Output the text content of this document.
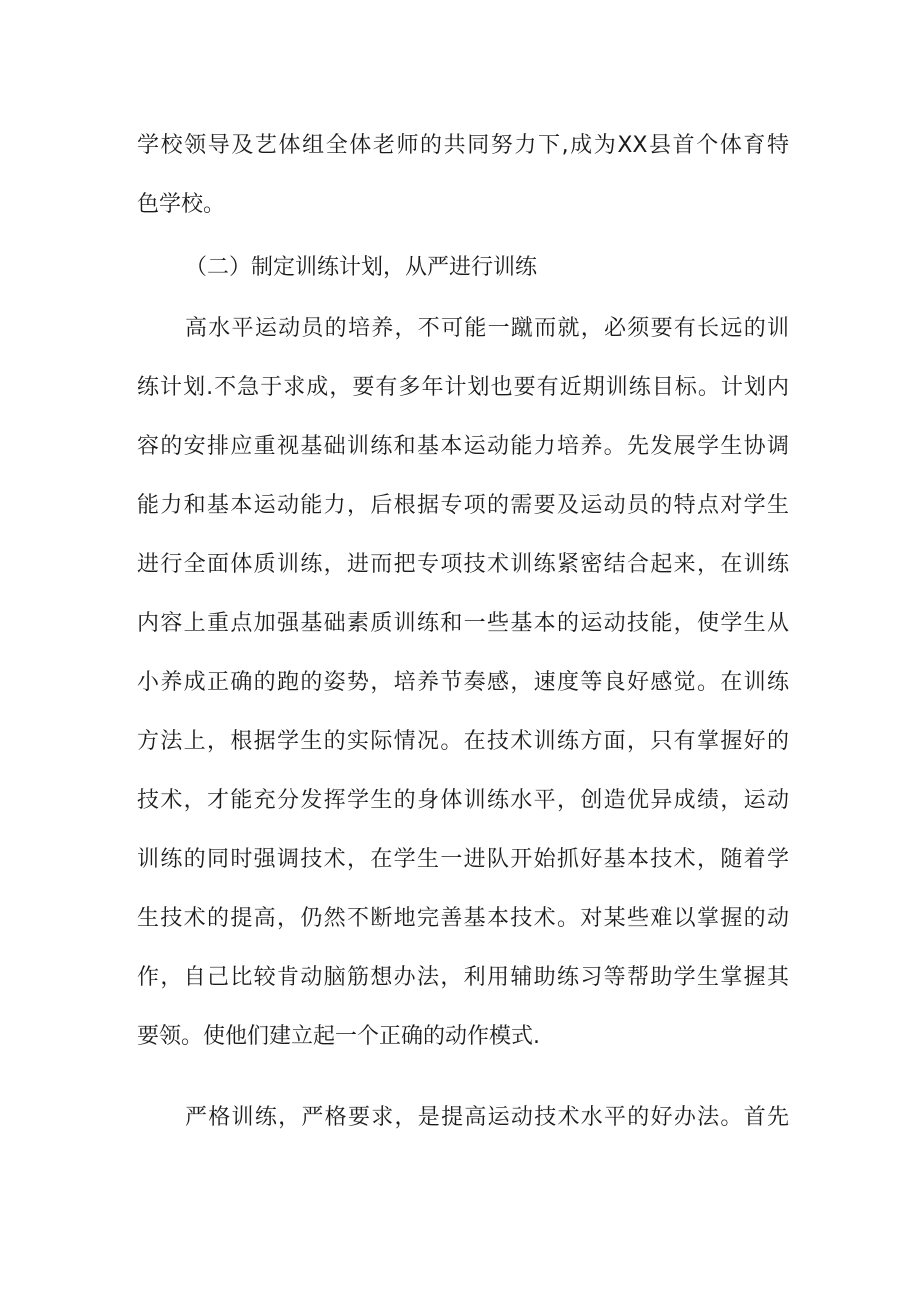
学校领导及艺体组全体老师的共同努力下,成为XX县首个体育特
色学校。
（二）制定训练计划，从严进行训练
高水平运动员的培养，不可能一蹴而就，必须要有长远的训
练计划.不急于求成，要有多年计划也要有近期训练目标。计划内
容的安排应重视基础训练和基本运动能力培养。先发展学生协调
能力和基本运动能力，后根据专项的需要及运动员的特点对学生
进行全面体质训练，进而把专项技术训练紧密结合起来，在训练
内容上重点加强基础素质训练和一些基本的运动技能，使学生从
小养成正确的跑的姿势，培养节奏感，速度等良好感觉。在训练
方法上，根据学生的实际情况。在技术训练方面，只有掌握好的
技术，才能充分发挥学生的身体训练水平，创造优异成绩，运动
训练的同时强调技术，在学生一进队开始抓好基本技术，随着学
生技术的提高，仍然不断地完善基本技术。对某些难以掌握的动
作，自己比较肯动脑筋想办法，利用辅助练习等帮助学生掌握其
要领。使他们建立起一个正确的动作模式.
严格训练，严格要求，是提高运动技术水平的好办法。首先
